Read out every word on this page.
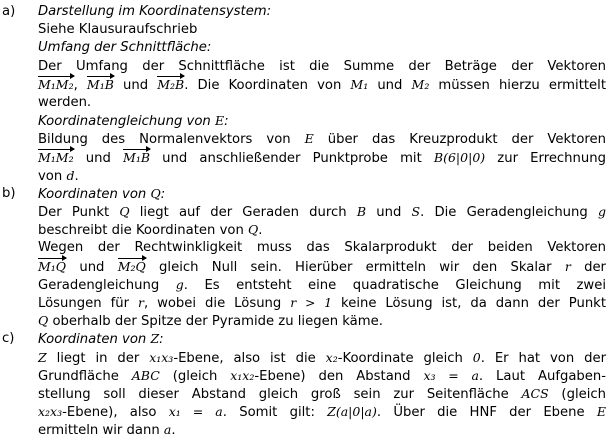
a) Darstellung im Koordinatensystem:
Siehe Klausuraufschrieb
Umfang der Schnittfläche:
Der Umfang der Schnittfläche ist die Summe der Beträge der Vektoren
M₁M₂, M₁B und M₂B. Die Koordinaten von M₁ und M₂ müssen hierzu ermittelt
werden.
Koordinatengleichung von E:
Bildung des Normalenvektors von E über das Kreuzprodukt der Vektoren
M₁M₂ und M₁B und anschließender Punktprobe mit B(6|0|0) zur Errechnung
von d.
b) Koordinaten von Q:
Der Punkt Q liegt auf der Geraden durch B und S. Die Geradengleichung g
beschreibt die Koordinaten von Q.
Wegen der Rechtwinkligkeit muss das Skalarprodukt der beiden Vektoren
M₁Q und M₂Q gleich Null sein. Hierüber ermitteln wir den Skalar r der
Geradengleichung g. Es entsteht eine quadratische Gleichung mit zwei
Lösungen für r, wobei die Lösung r > 1 keine Lösung ist, da dann der Punkt
Q oberhalb der Spitze der Pyramide zu liegen käme.
c) Koordinaten von Z:
Z liegt in der x₁x₃-Ebene, also ist die x₂-Koordinate gleich 0. Er hat von der
Grundfläche ABC (gleich x₁x₂-Ebene) den Abstand x₃ = a. Laut Aufgaben-
stellung soll dieser Abstand gleich groß sein zur Seitenfläche ACS (gleich
x₂x₃-Ebene), also x₁ = a. Somit gilt: Z(a|0|a). Über die HNF der Ebene E
ermitteln wir dann a.
